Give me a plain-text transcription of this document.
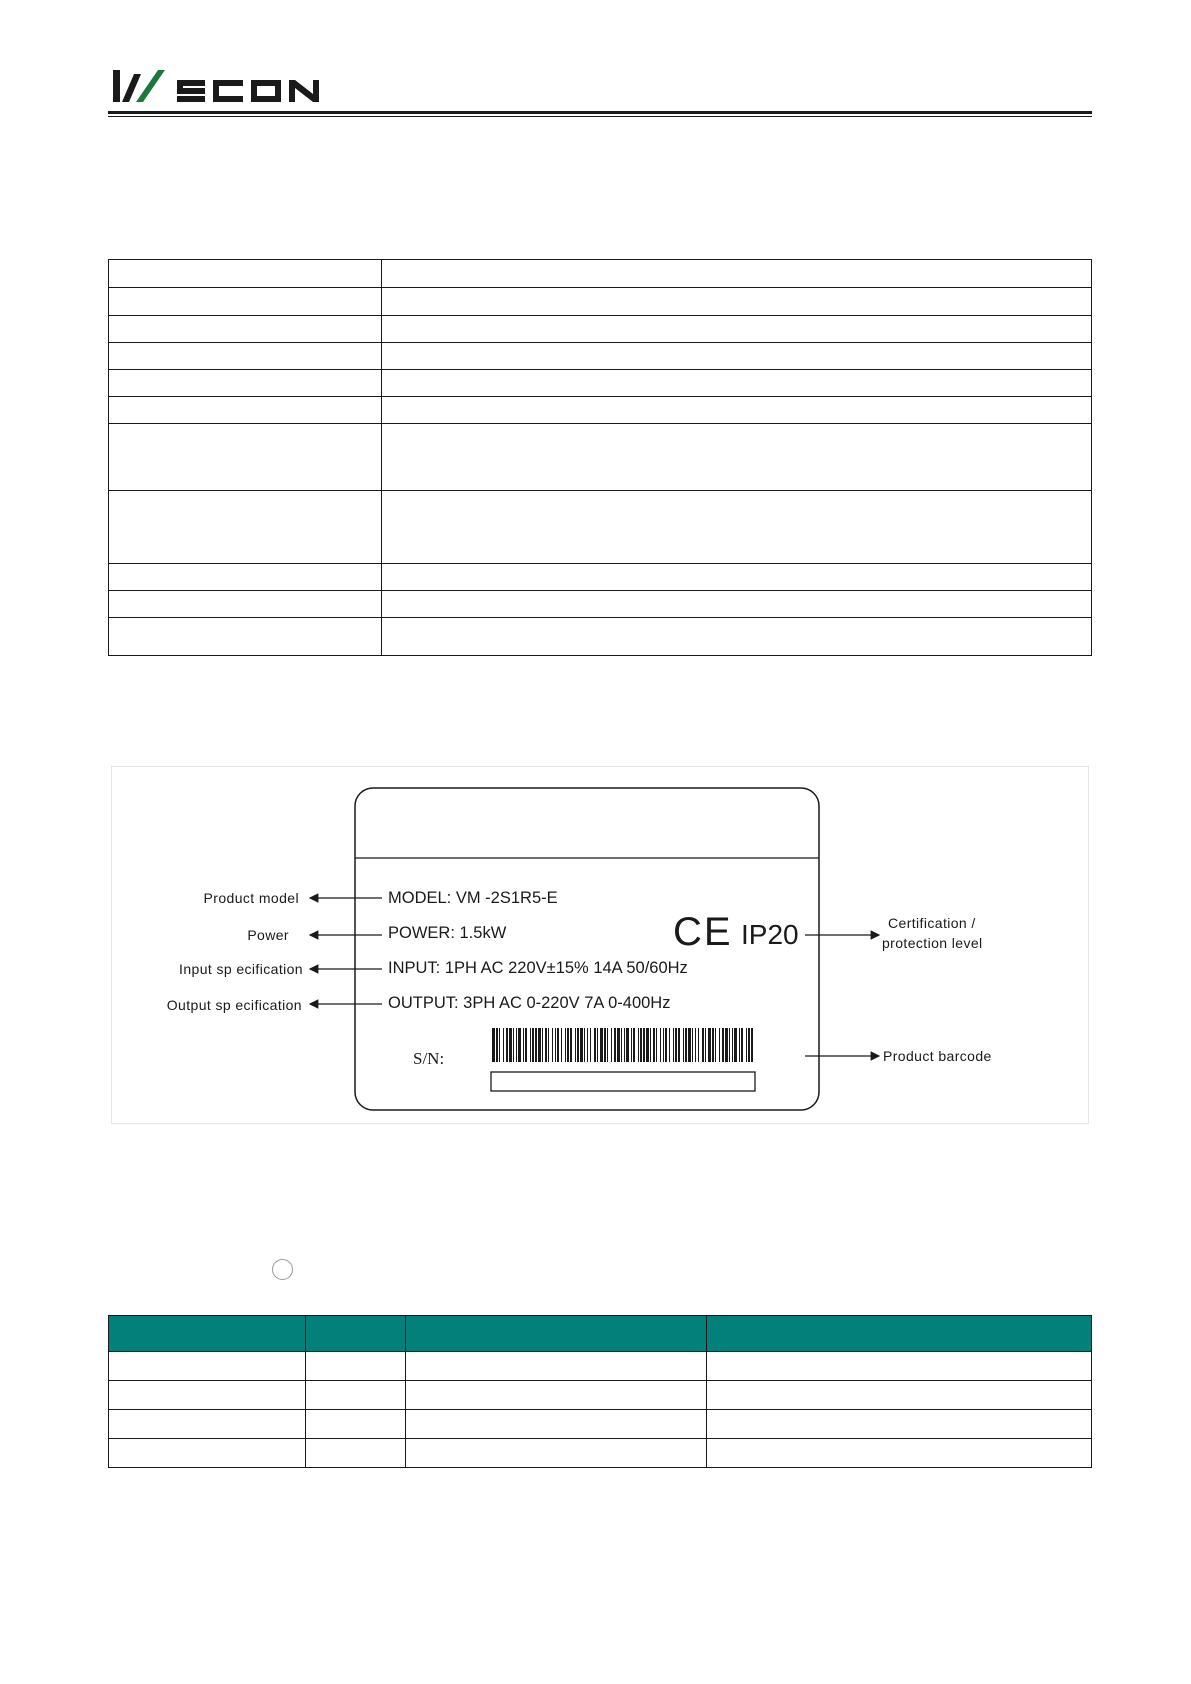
MODEL: VM -2S1R5-E
POWER: 1.5kW
INPUT: 1PH AC 220V±15% 14A 50/60Hz
OUTPUT: 3PH AC 0-220V 7A 0-400Hz
S/N:
CE IP20
Product model
Power
Input sp ecification
Output sp ecification
Certification /
protection level
Product barcode
